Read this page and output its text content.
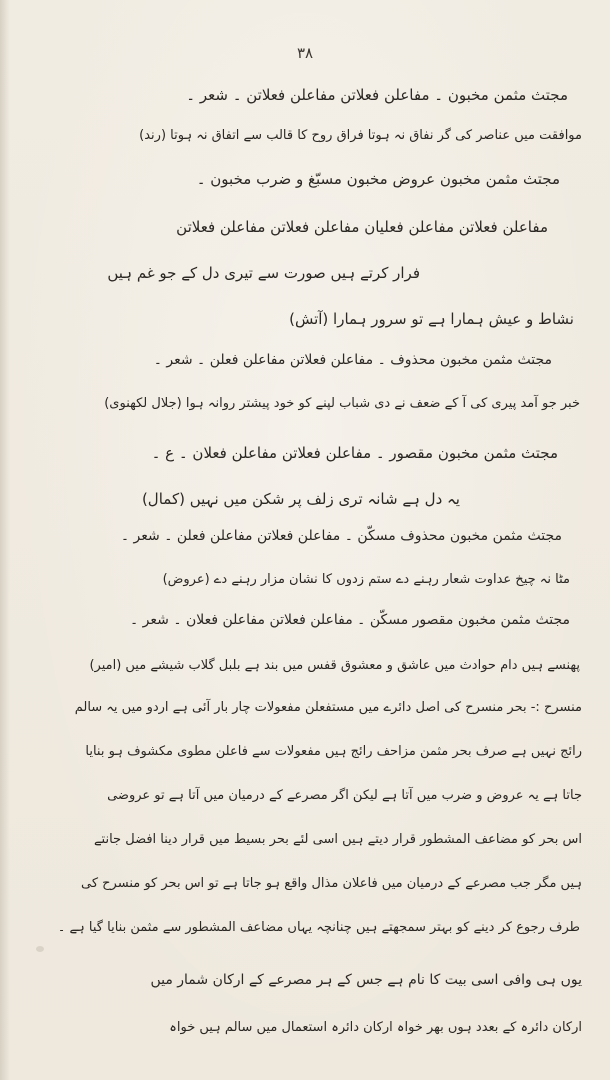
۳۸
مجتث مثمن مخبون ۔ مفاعلن فعلاتن مفاعلن فعلاتن ۔ شعر ۔
موافقت میں عناصر کی گر نفاق نہ ہوتا فراق روح کا قالب سے اتفاق نہ ہوتا (رند)
مجتث مثمن مخبون عروض مخبون مسبّغ و ضرب مخبون ۔
مفاعلن فعلاتن مفاعلن فعلیان مفاعلن فعلاتن مفاعلن فعلاتن
فرار کرتے ہیں صورت سے تیری دل کے جو غم ہیں
نشاط و عیش ہمارا ہے تو سرور ہمارا (آتش)
مجتث مثمن مخبون محذوف ۔ مفاعلن فعلاتن مفاعلن فعلن ۔ شعر ۔
خبر جو آمد پیری کی آ کے ضعف نے دی شباب لپنے کو خود پیشتر روانہ ہوا (جلال لکھنوی)
مجتث مثمن مخبون مقصور ۔ مفاعلن فعلاتن مفاعلن فعلان ۔ ع ۔
یہ دل ہے شانہ تری زلف پر شکن میں نہیں (کمال)
مجتث مثمن مخبون محذوف مسکّن ۔ مفاعلن فعلاتن مفاعلن فعلن ۔ شعر ۔
مٹا نہ چیخ عداوت شعار رہنے دے ستم زدوں کا نشان مزار رہنے دے (عروض)
مجتث مثمن مخبون مقصور مسکّن ۔ مفاعلن فعلاتن مفاعلن فعلان ۔ شعر ۔
پھنسے ہیں دام حوادث میں عاشق و معشوق قفس میں بند ہے بلبل گلاب شیشے میں (امیر)
منسرح :- بحر منسرح کی اصل دائرے میں مستفعلن مفعولات چار بار آئی ہے اردو میں یہ سالم
رائج نہیں ہے صرف بحر مثمن مزاحف رائج ہیں مفعولات سے فاعلن مطوی مکشوف ہو بنایا
جاتا ہے یہ عروض و ضرب میں آتا ہے لیکن اگر مصرعے کے درمیان میں آتا ہے تو عروضی
اس بحر کو مضاعف المشطور قرار دیتے ہیں اسی لئے بحر بسیط میں قرار دینا افضل جانتے
ہیں مگر جب مصرعے کے درمیان میں فاعلان مذال واقع ہو جاتا ہے تو اس بحر کو منسرح کی
طرف رجوع کر دینے کو بہتر سمجھتے ہیں چنانچہ یہاں مضاعف المشطور سے مثمن بنایا گیا ہے ۔
یوں ہی وافی اسی بیت کا نام ہے جس کے ہر مصرعے کے ارکان شمار میں
ارکان دائرہ کے بعدد ہوں بھر خواہ ارکان دائرہ استعمال میں سالم ہیں خواہ
